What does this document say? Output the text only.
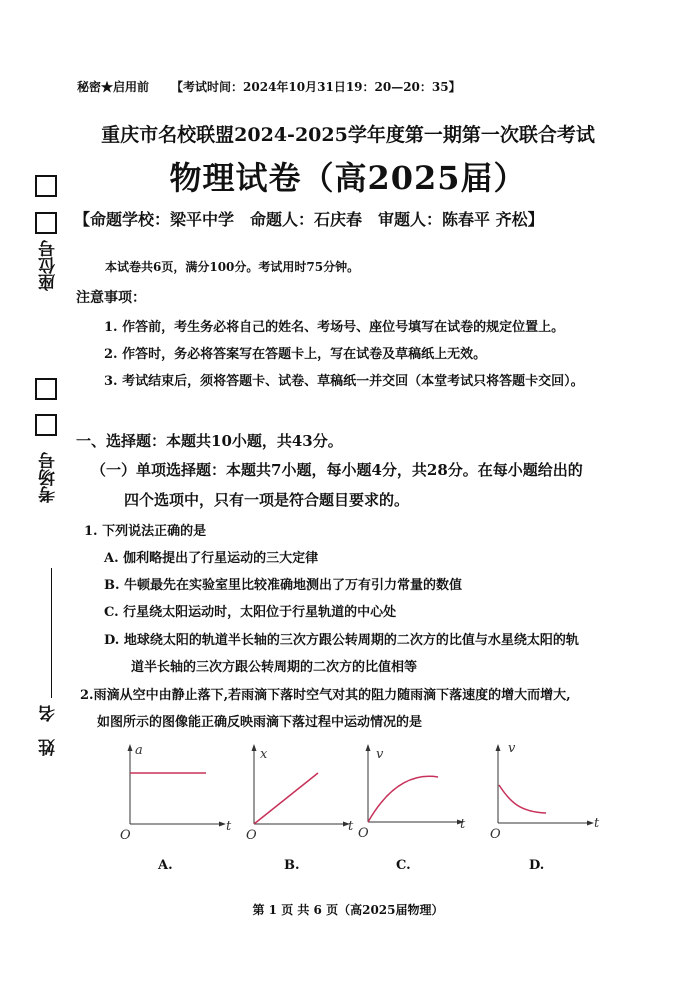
座位号
考场号
姓　名
秘密★启用前 【考试时间：2024年10月31日19：20—20：35】
重庆市名校联盟2024-2025学年度第一期第一次联合考试
物理试卷（高2025届）
【命题学校：梁平中学　命题人：石庆春　审题人：陈春平 齐松】
本试卷共6页，满分100分。考试用时75分钟。
注意事项：
1. 作答前，考生务必将自己的姓名、考场号、座位号填写在试卷的规定位置上。
2. 作答时，务必将答案写在答题卡上，写在试卷及草稿纸上无效。
3. 考试结束后，须将答题卡、试卷、草稿纸一并交回（本堂考试只将答题卡交回）。
一、选择题：本题共10小题，共43分。
（一）单项选择题：本题共7小题，每小题4分，共28分。在每小题给出的
四个选项中，只有一项是符合题目要求的。
1. 下列说法正确的是
A. 伽利略提出了行星运动的三大定律
B. 牛顿最先在实验室里比较准确地测出了万有引力常量的数值
C. 行星绕太阳运动时，太阳位于行星轨道的中心处
D. 地球绕太阳的轨道半长轴的三次方跟公转周期的二次方的比值与水星绕太阳的轨
道半长轴的三次方跟公转周期的二次方的比值相等
2.雨滴从空中由静止落下,若雨滴下落时空气对其的阻力随雨滴下落速度的增大而增大,
如图所示的图像能正确反映雨滴下落过程中运动情况的是
a
t
O
x
t
O
v
t
O
v
t
O
A.	B.	C.	D.
第 1 页 共 6 页（高2025届物理）
